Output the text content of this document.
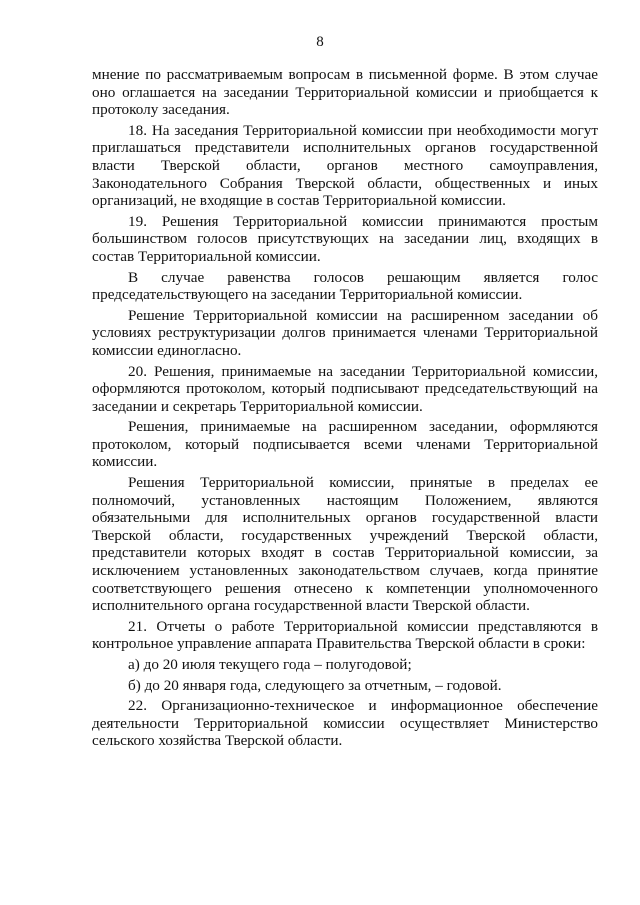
8

мнение по рассматриваемым вопросам в письменной форме. В этом случае оно оглашается на заседании Территориальной комиссии и приобщается к протоколу заседания.

18. На заседания Территориальной комиссии при необходимости могут приглашаться представители исполнительных органов государственной власти Тверской области, органов местного самоуправления, Законодательного Собрания Тверской области, общественных и иных организаций, не входящие в состав Территориальной комиссии.

19. Решения Территориальной комиссии принимаются простым большинством голосов присутствующих на заседании лиц, входящих в состав Территориальной комиссии.

В случае равенства голосов решающим является голос председательствующего на заседании Территориальной комиссии.

Решение Территориальной комиссии на расширенном заседании об условиях реструктуризации долгов принимается членами Территориальной комиссии единогласно.

20. Решения, принимаемые на заседании Территориальной комиссии, оформляются протоколом, который подписывают председательствующий на заседании и секретарь Территориальной комиссии.

Решения, принимаемые на расширенном заседании, оформляются протоколом, который подписывается всеми членами Территориальной комиссии.

Решения Территориальной комиссии, принятые в пределах ее полномочий, установленных настоящим Положением, являются обязательными для исполнительных органов государственной власти Тверской области, государственных учреждений Тверской области, представители которых входят в состав Территориальной комиссии, за исключением установленных законодательством случаев, когда принятие соответствующего решения отнесено к компетенции уполномоченного исполнительного органа государственной власти Тверской области.

21. Отчеты о работе Территориальной комиссии представляются в контрольное управление аппарата Правительства Тверской области в сроки:

а) до 20 июля текущего года – полугодовой;

б) до 20 января года, следующего за отчетным, – годовой.

22. Организационно-техническое и информационное обеспечение деятельности Территориальной комиссии осуществляет Министерство сельского хозяйства Тверской области.
